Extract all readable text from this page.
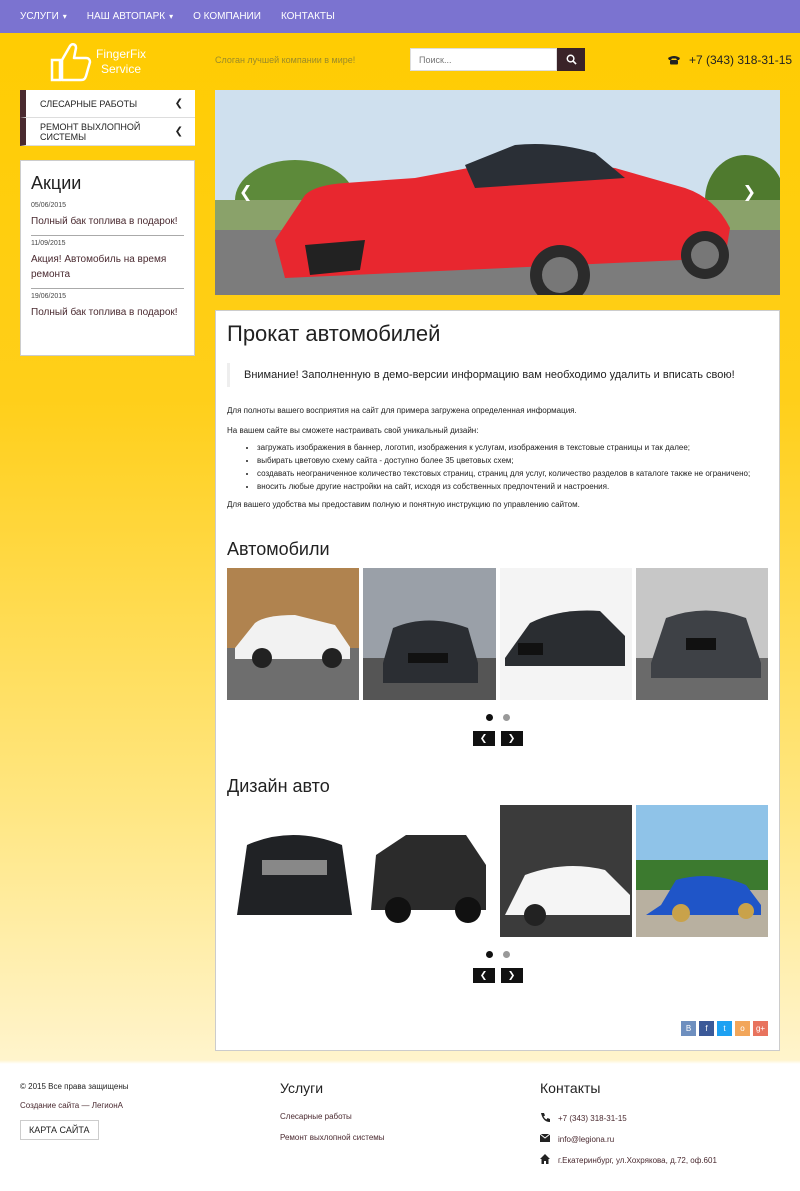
УСЛУГИ ▾ НАШ АВТОПАРК ▾ О КОМПАНИИ КОНТАКТЫ
FingerFix
Service
Слоган лучшей компании в мире!
Поиск...	+7 (343) 318-31-15
СЛЕСАРНЫЕ РАБОТЫ	❮
РЕМОНТ ВЫХЛОПНОЙ СИСТЕМЫ	❮
Акции
05/06/2015
Полный бак топлива в подарок!
11/09/2015
Акция! Автомобиль на время ремонта
19/06/2015
Полный бак топлива в подарок!
❮	❯
Прокат автомобилей
Внимание! Заполненную в демо-версии информацию вам необходимо удалить и вписать свою!

Для полноты вашего восприятия на сайт для примера загружена определенная информация.

На вашем сайте вы сможете настраивать свой уникальный дизайн:

• загружать изображения в баннер, логотип, изображения к услугам, изображения в текстовые страницы и так далее;
• выбирать цветовую схему сайта - доступно более 35 цветовых схем;
• создавать неограниченное количество текстовых страниц, страниц для услуг, количество разделов в каталоге также не ограничено;
• вносить любые другие настройки на сайт, исходя из собственных предпочтений и настроения.

Для вашего удобства мы предоставим полную и понятную инструкцию по управлению сайтом.

Автомобили
❮ ❯
Дизайн авто
❮ ❯
В	f	t	o	g+
© 2015 Все права защищены
Создание сайта — ЛегионА
КАРТА САЙТА
Услуги
Слесарные работы
Ремонт выхлопной системы
Контакты
+7 (343) 318-31-15
info@legiona.ru
г.Екатеринбург, ул.Хохрякова, д.72, оф.601
